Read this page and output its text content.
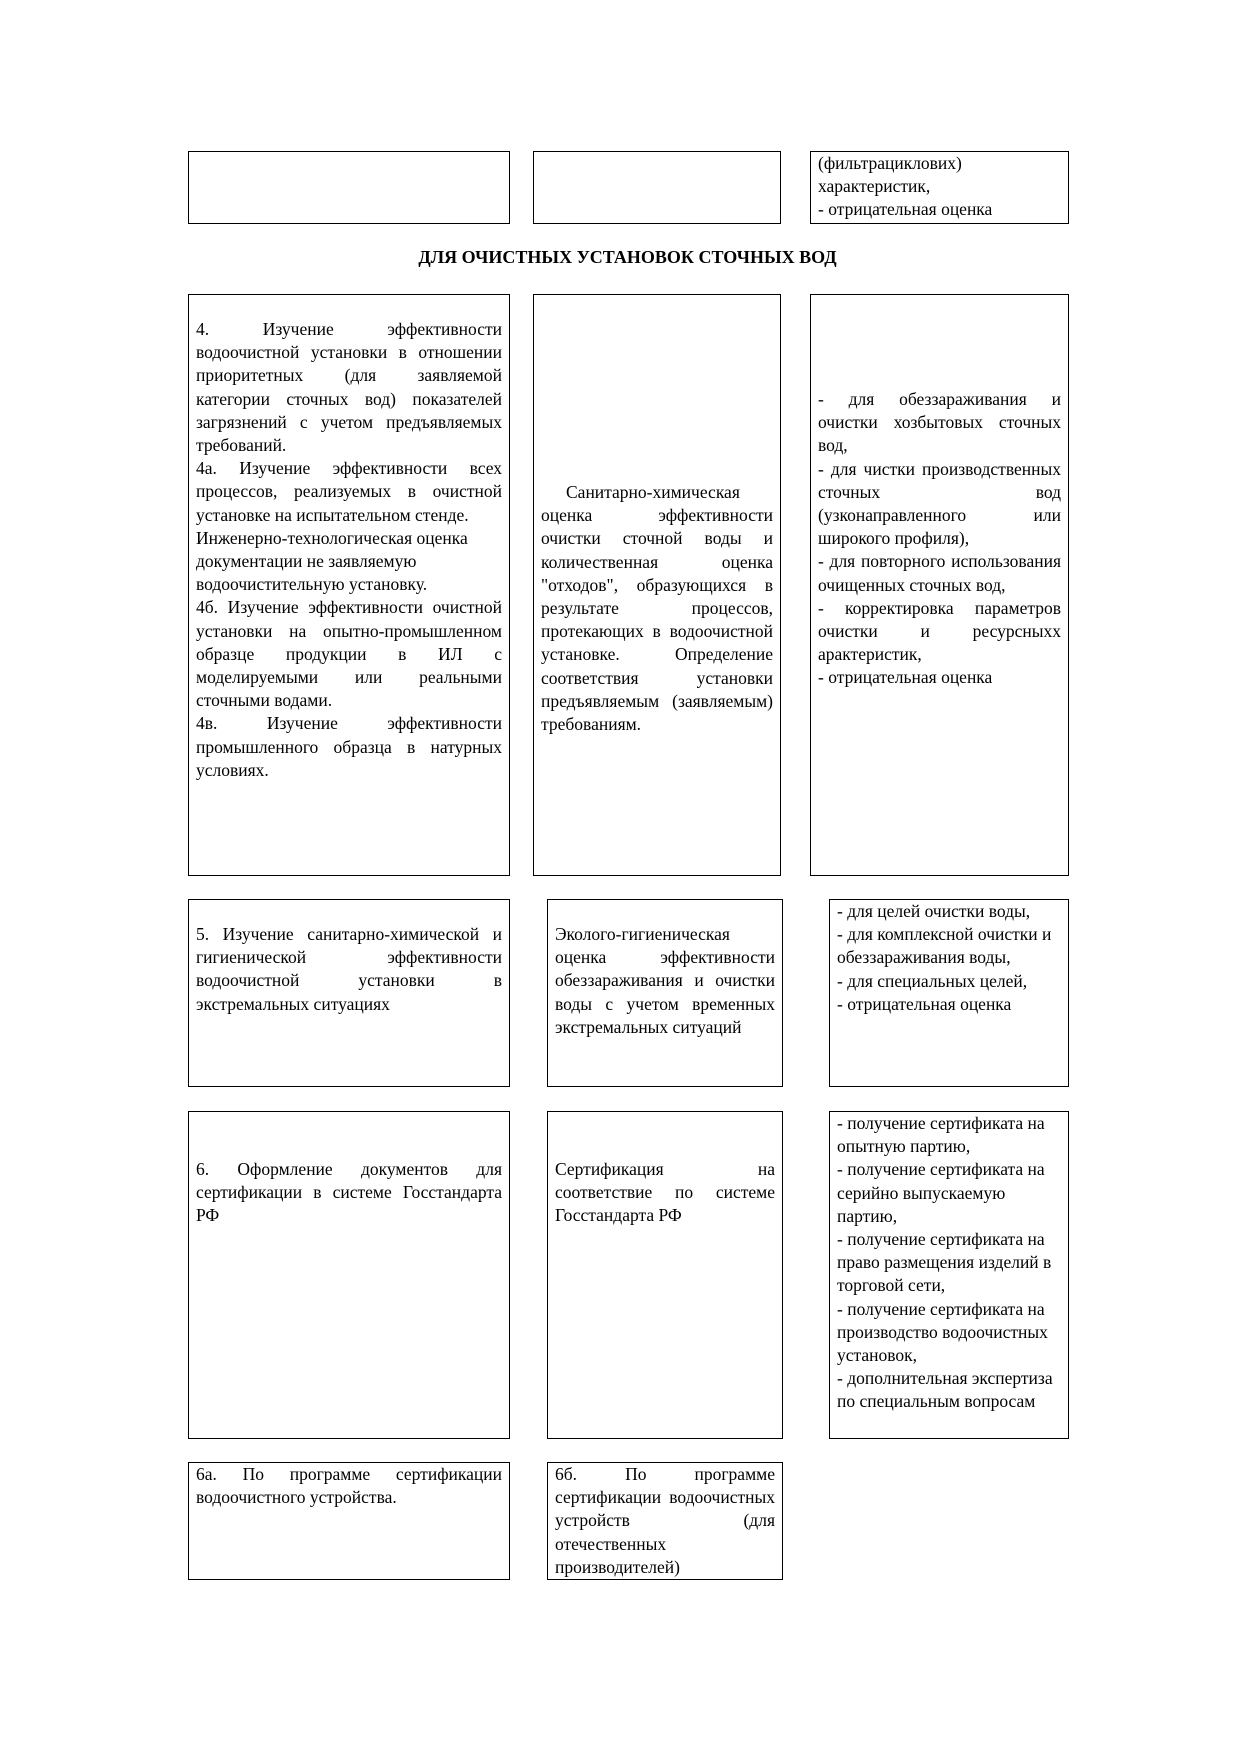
(фильтрациклових)

характеристик,

- отрицательная оценка

ДЛЯ ОЧИСТНЫХ УСТАНОВОК СТОЧНЫХ ВОД

4. Изучение эффективности водоочистной установки в отношении приоритетных (для заявляемой категории сточных вод) показателей загрязнений с учетом предъявляемых требований.

4а. Изучение эффективности всех процессов, реализуемых в очистной установке на испытательном стенде.

Инженерно-технологическая оценка документации не заявляемую водоочистительную установку.

4б. Изучение эффективности очистной установки на опытно-промышленном образце продукции в ИЛ с моделируемыми или реальными сточными водами.

4в. Изучение эффективности промышленного образца в натурных условиях.

Санитарно-химическая оценка эффективности очистки сточной воды и количественная оценка "отходов", образующихся в результате процессов, протекающих в водоочистной установке. Определение соответствия установки предъявляемым (заявляемым) требованиям.

- для обеззараживания и очистки хозбытовых сточных вод,

- для чистки производственных сточных вод (узконаправленного или широкого профиля),

- для повторного использования очищенных сточных вод,

- корректировка параметров очистки и ресурсныхх арактеристик,

- отрицательная оценка

5. Изучение санитарно-химической и гигиенической эффективности водоочистной установки в экстремальных ситуациях

Эколого-гигиеническая оценка эффективности обеззараживания и очистки воды с учетом временных экстремальных ситуаций

- для целей очистки воды,

- для комплексной очистки и обеззараживания воды,

- для специальных целей,

- отрицательная оценка

6. Оформление документов для сертификации в системе Госстандарта РФ

Сертификация на соответствие по системе Госстандарта РФ

- получение сертификата на опытную партию,

- получение сертификата на серийно выпускаемую партию,

- получение сертификата на право размещения изделий в торговой сети,

- получение сертификата на производство водоочистных установок,

- дополнительная экспертиза по специальным вопросам

6а. По программе сертификации водоочистного устройства.

6б. По программе сертификации водоочистных устройств (для отечественных производителей)
